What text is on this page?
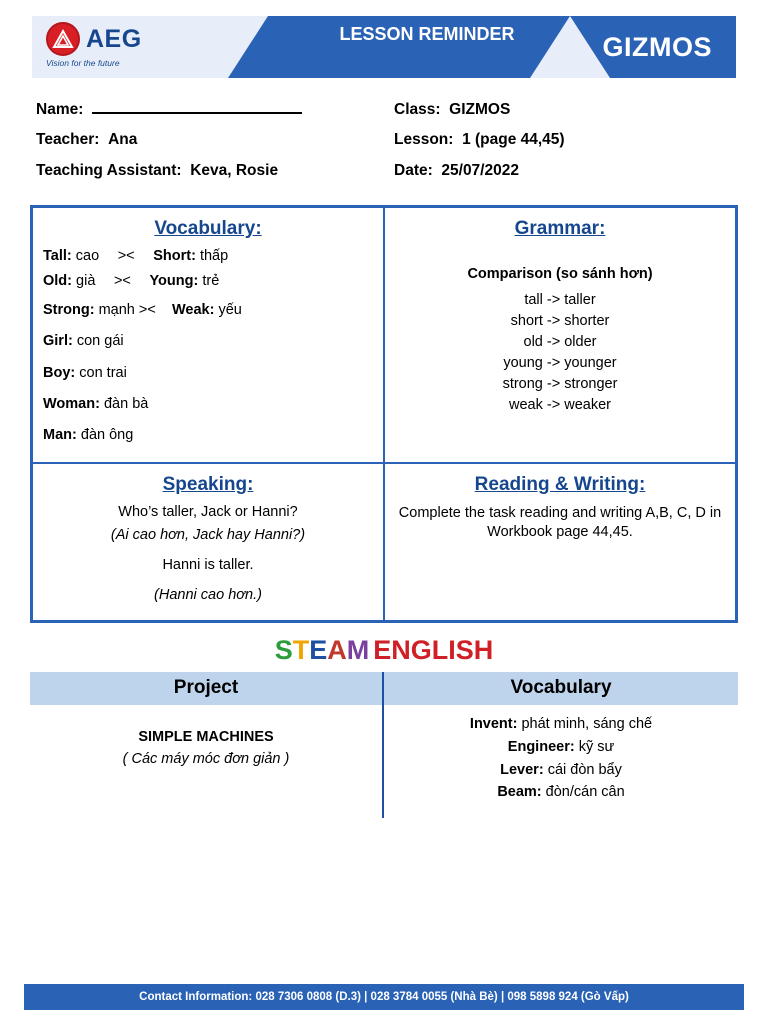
AEG
Vision for the future
LESSON REMINDER	GIZMOS
Name:
Teacher: Ana
Teaching Assistant: Keva, Rosie
Class: GIZMOS
Lesson: 1 (page 44,45)
Date: 25/07/2022
Vocabulary:
Tall: cao >< Short: thấp
Old: già >< Young: trẻ
Strong: mạnh >< Weak: yếu
Girl: con gái
Boy: con trai
Woman: đàn bà
Man: đàn ông
Grammar:
Comparison (so sánh hơn)
tall -> taller
short -> shorter
old -> older
young -> younger
strong -> stronger
weak -> weaker
Speaking:
Who’s taller, Jack or Hanni?
(Ai cao hơn, Jack hay Hanni?)
Hanni is taller.
(Hanni cao hơn.)
Reading & Writing:
Complete the task reading and writing A,B, C, D in Workbook page 44,45.
STEAM ENGLISH
Project	Vocabulary
SIMPLE MACHINES
( Các máy móc đơn giản )
Invent: phát minh, sáng chế
Engineer: kỹ sư
Lever: cái đòn bẩy
Beam: đòn/cán cân
Contact Information: 028 7306 0808 (D.3) | 028 3784 0055 (Nhà Bè) | 098 5898 924 (Gò Vấp)
